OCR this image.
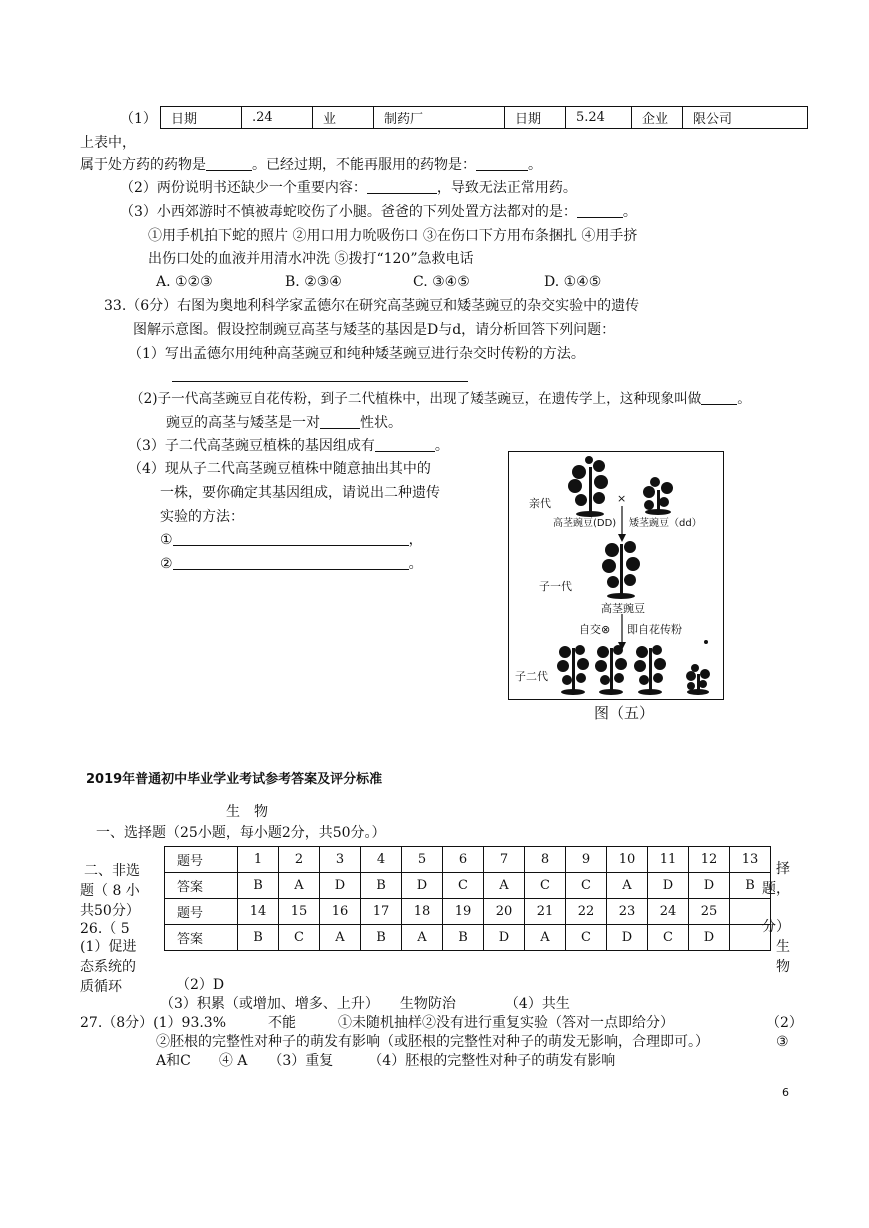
（1） 日期	.24	业	制药厂	日期	5.24	企业	限公司
上表中，
属于处方药的药物是	。已经过期，不能再服用的药物是：	。
（2）两份说明书还缺少一个重要内容：	，导致无法正常用药。
（3）小西郊游时不慎被毒蛇咬伤了小腿。爸爸的下列处置方法都对的是：	。
①用手机拍下蛇的照片 ②用口用力吮吸伤口 ③在伤口下方用布条捆扎 ④用手挤
出伤口处的血液并用清水冲洗 ⑤拨打“120”急救电话
A. ①②③	B. ②③④	C. ③④⑤	D. ①④⑤
33.（6分）右图为奥地利科学家孟德尔在研究高茎豌豆和矮茎豌豆的杂交实验中的遗传
图解示意图。假设控制豌豆高茎与矮茎的基因是D与d，请分析回答下列问题：
（1）写出孟德尔用纯种高茎豌豆和纯种矮茎豌豆进行杂交时传粉的方法。
（2)子一代高茎豌豆自花传粉，到子二代植株中，出现了矮茎豌豆，在遗传学上，这种现象叫做	。
豌豆的高茎与矮茎是一对	性状。
（3）子二代高茎豌豆植株的基因组成有	。
（4）现从子二代高茎豌豆植株中随意抽出其中的
一株，要你确定其基因组成，请说出二种遗传
实验的方法：
①	，
②	。
亲代	×
高茎豌豆(DD) 矮茎豌豆（dd）
子一代
高茎豌豆
自交⊗ 即自花传粉
子二代
图（五）
2019年普通初中毕业学业考试参考答案及评分标准
生　物
一、选择题（25小题，每小题2分，共50分。）
题号	1	2	3	4	5	6	7	8	9	10	11	12	13
答案	B	A	D	B	D	C	A	C	C	A	D	D	B
题号	14	15	16	17	18	19	20	21	22	23	24	25	
答案	B	C	A	B	A	B	D	A	C	D	C	D	
二、非选
题（ 8 小
共50分）
26.（ 5
(1）促进
态系统的
质循环
择
题，
分）
生
物
（2）D
（3）积累（或增加、增多、上升）　　生物防治　　　　（4）共生
27.（8分）(1）93.3%　　　不能　　　①未随机抽样②没有进行重复实验（答对一点即给分）	（2）
②胚根的完整性对种子的萌发有影响（或胚根的完整性对种子的萌发无影响，合理即可。）	③
A和C　　④ A　　（3）重复　　　（4）胚根的完整性对种子的萌发有影响
6
